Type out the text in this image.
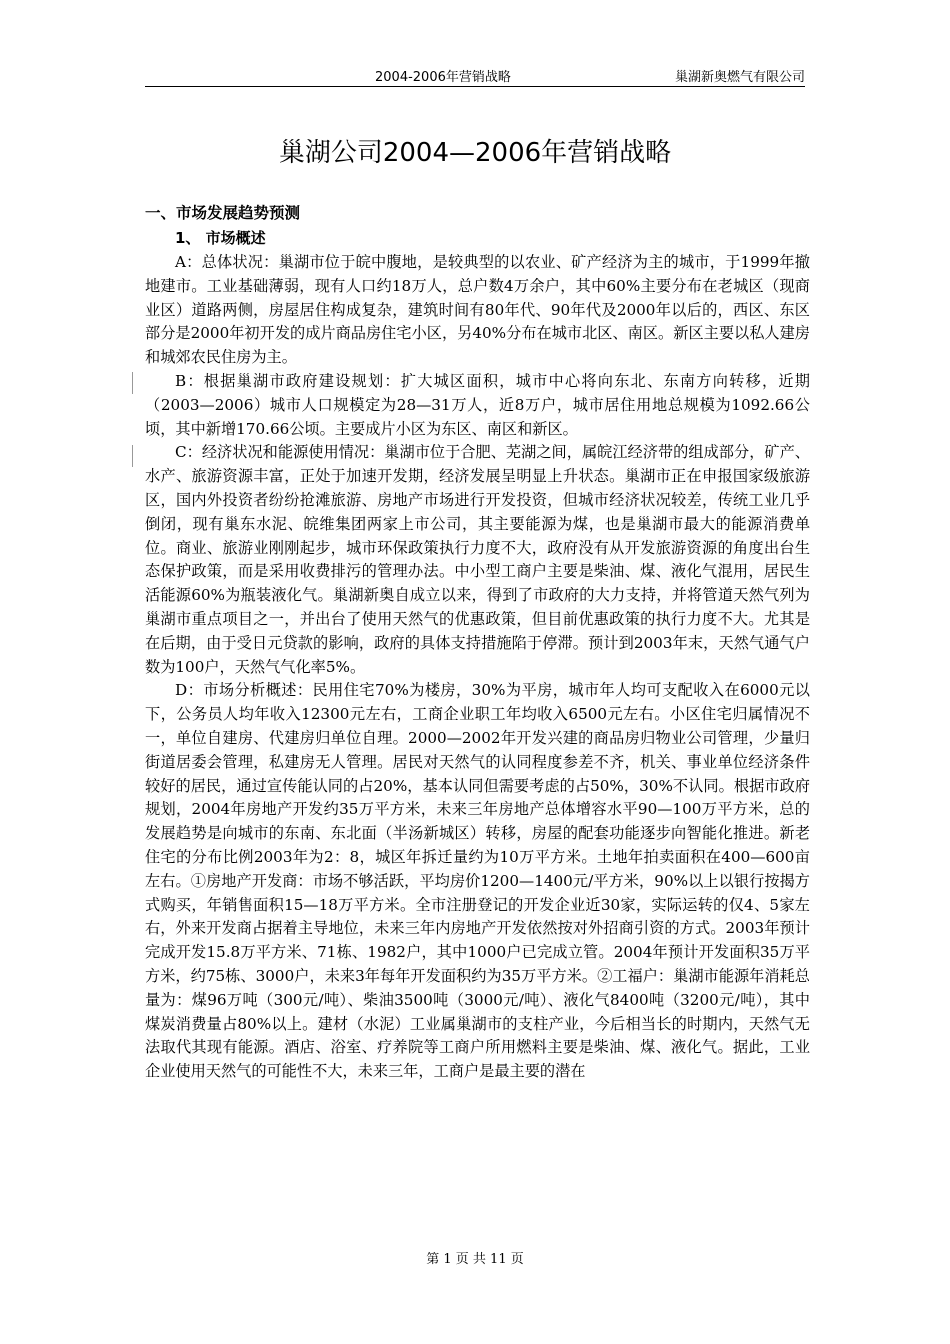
2004-2006年营销战略	巢湖新奥燃气有限公司
巢湖公司2004—2006年营销战略
一、市场发展趋势预测
1、 市场概述

A：总体状况：巢湖市位于皖中腹地，是较典型的以农业、矿产经济为主的城市，于1999年撤地建市。工业基础薄弱，现有人口约18万人，总户数4万余户，其中60%主要分布在老城区（现商业区）道路两侧，房屋居住构成复杂，建筑时间有80年代、90年代及2000年以后的，西区、东区部分是2000年初开发的成片商品房住宅小区，另40%分布在城市北区、南区。新区主要以私人建房和城郊农民住房为主。

B：根据巢湖市政府建设规划：扩大城区面积，城市中心将向东北、东南方向转移，近期（2003—2006）城市人口规模定为28—31万人，近8万户，城市居住用地总规模为1092.66公顷，其中新增170.66公顷。主要成片小区为东区、南区和新区。

C：经济状况和能源使用情况：巢湖市位于合肥、芜湖之间，属皖江经济带的组成部分，矿产、水产、旅游资源丰富，正处于加速开发期，经济发展呈明显上升状态。巢湖市正在申报国家级旅游区，国内外投资者纷纷抢滩旅游、房地产市场进行开发投资，但城市经济状况较差，传统工业几乎倒闭，现有巢东水泥、皖维集团两家上市公司，其主要能源为煤，也是巢湖市最大的能源消费单位。商业、旅游业刚刚起步，城市环保政策执行力度不大，政府没有从开发旅游资源的角度出台生态保护政策，而是采用收费排污的管理办法。中小型工商户主要是柴油、煤、液化气混用，居民生活能源60%为瓶装液化气。巢湖新奥自成立以来，得到了市政府的大力支持，并将管道天然气列为巢湖市重点项目之一，并出台了使用天然气的优惠政策，但目前优惠政策的执行力度不大。尤其是在后期，由于受日元贷款的影响，政府的具体支持措施陷于停滞。预计到2003年末，天然气通气户数为100户，天然气气化率5%。

D：市场分析概述：民用住宅70%为楼房，30%为平房，城市年人均可支配收入在6000元以下，公务员人均年收入12300元左右，工商企业职工年均收入6500元左右。小区住宅归属情况不一，单位自建房、代建房归单位自理。2000—2002年开发兴建的商品房归物业公司管理，少量归街道居委会管理，私建房无人管理。居民对天然气的认同程度参差不齐，机关、事业单位经济条件较好的居民，通过宣传能认同的占20%，基本认同但需要考虑的占50%，30%不认同。根据市政府规划，2004年房地产开发约35万平方米，未来三年房地产总体增容水平90—100万平方米，总的发展趋势是向城市的东南、东北面（半汤新城区）转移，房屋的配套功能逐步向智能化推进。新老住宅的分布比例2003年为2：8，城区年拆迁量约为10万平方米。土地年拍卖面积在400—600亩左右。①房地产开发商：市场不够活跃，平均房价1200—1400元/平方米，90%以上以银行按揭方式购买，年销售面积15—18万平方米。全市注册登记的开发企业近30家，实际运转的仅4、5家左右，外来开发商占据着主导地位，未来三年内房地产开发依然按对外招商引资的方式。2003年预计完成开发15.8万平方米、71栋、1982户，其中1000户已完成立管。2004年预计开发面积35万平方米，约75栋、3000户，未来3年每年开发面积约为35万平方米。②工福户：巢湖市能源年消耗总量为：煤96万吨（300元/吨）、柴油3500吨（3000元/吨）、液化气8400吨（3200元/吨），其中煤炭消费量占80%以上。建材（水泥）工业属巢湖市的支柱产业，今后相当长的时期内，天然气无法取代其现有能源。酒店、浴室、疗养院等工商户所用燃料主要是柴油、煤、液化气。据此，工业企业使用天然气的可能性不大，未来三年，工商户是最主要的潜在

第 1 页 共 11 页
